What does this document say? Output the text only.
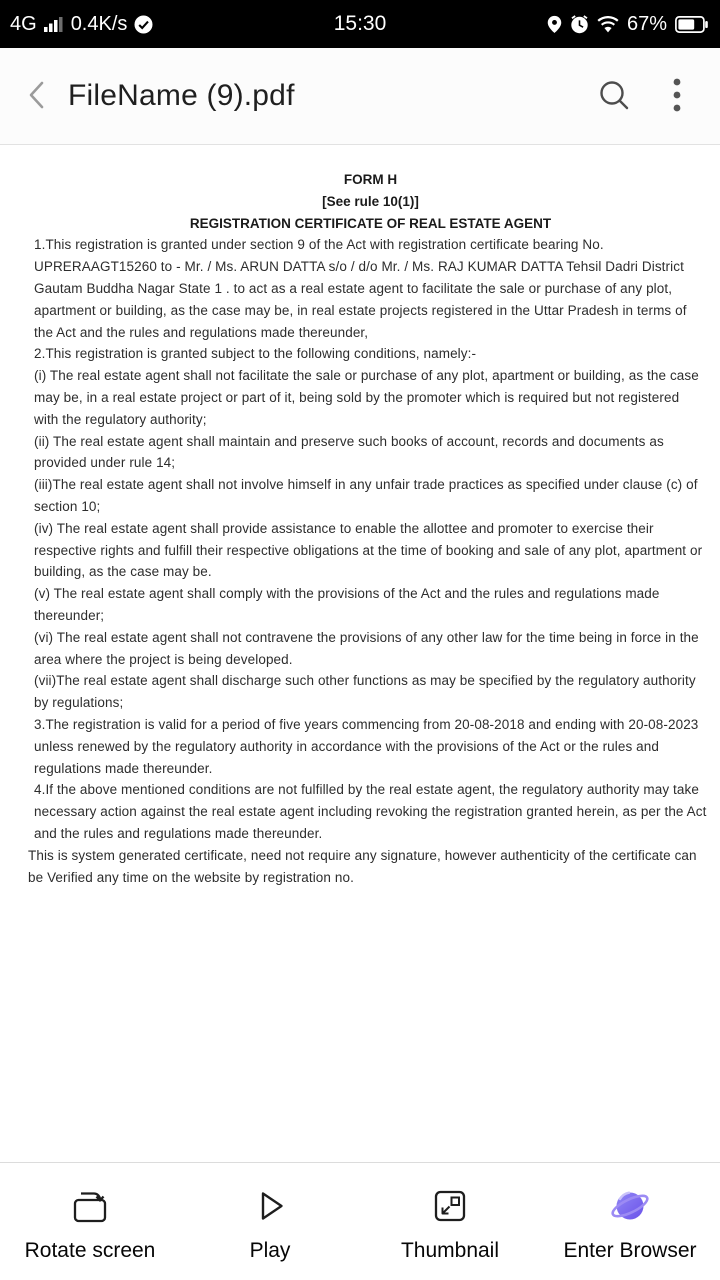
4G 0.4K/s	15:30	67%
FileName (9).pdf

FORM H

[See rule 10(1)]

REGISTRATION CERTIFICATE OF REAL ESTATE AGENT

1.This registration is granted under section 9 of the Act with registration certificate bearing No. UPRERAAGT15260 to - Mr. / Ms. ARUN DATTA s/o / d/o Mr. / Ms. RAJ KUMAR DATTA Tehsil Dadri District Gautam Buddha Nagar State 1 . to act as a real estate agent to facilitate the sale or purchase of any plot, apartment or building, as the case may be, in real estate projects registered in the Uttar Pradesh in terms of the Act and the rules and regulations made thereunder,

2.This registration is granted subject to the following conditions, namely:-

(i) The real estate agent shall not facilitate the sale or purchase of any plot, apartment or building, as the case may be, in a real estate project or part of it, being sold by the promoter which is required but not registered with the regulatory authority;

(ii) The real estate agent shall maintain and preserve such books of account, records and documents as provided under rule 14;

(iii)The real estate agent shall not involve himself in any unfair trade practices as specified under clause (c) of section 10;

(iv) The real estate agent shall provide assistance to enable the allottee and promoter to exercise their respective rights and fulfill their respective obligations at the time of booking and sale of any plot, apartment or building, as the case may be.

(v) The real estate agent shall comply with the provisions of the Act and the rules and regulations made thereunder;

(vi) The real estate agent shall not contravene the provisions of any other law for the time being in force in the area where the project is being developed.

(vii)The real estate agent shall discharge such other functions as may be specified by the regulatory authority by regulations;

3.The registration is valid for a period of five years commencing from 20-08-2018 and ending with 20-08-2023 unless renewed by the regulatory authority in accordance with the provisions of the Act or the rules and regulations made thereunder.

4.If the above mentioned conditions are not fulfilled by the real estate agent, the regulatory authority may take necessary action against the real estate agent including revoking the registration granted herein, as per the Act and the rules and regulations made thereunder.

This is system generated certificate, need not require any signature, however authenticity of the certificate can be Verified any time on the website by registration no.

Rotate screen	Play	Thumbnail	Enter Browser
